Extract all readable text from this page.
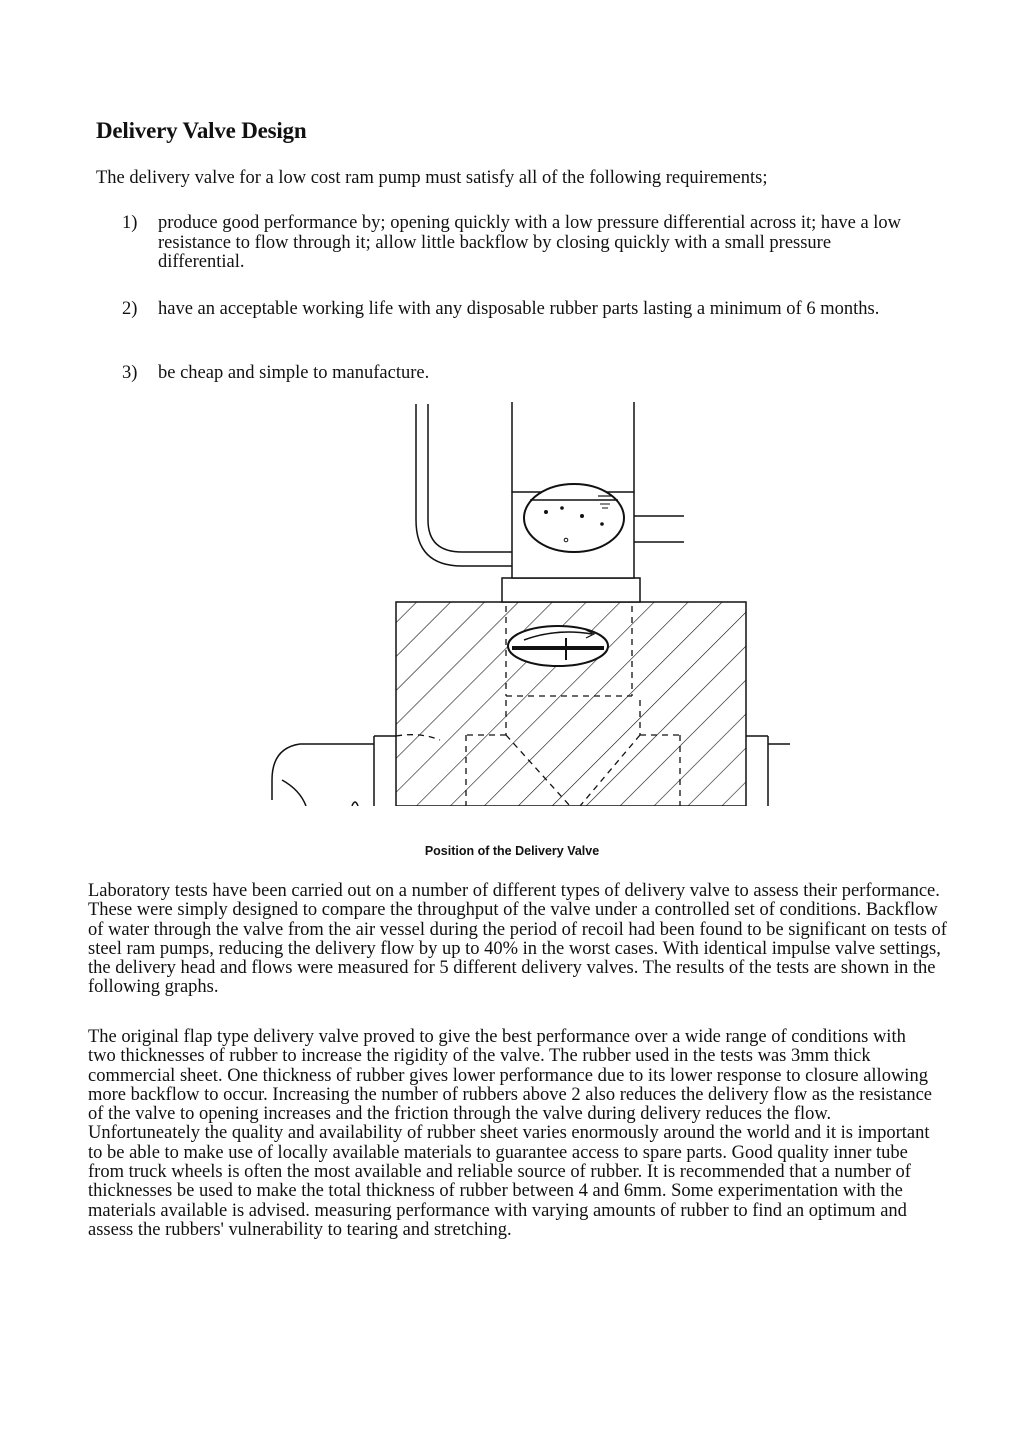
Delivery Valve Design

The delivery valve for a low cost ram pump must satisfy all of the following requirements;

1)	produce good performance by; opening quickly with a low pressure differential across it; have a low resistance to flow through it; allow little backflow by closing quickly with a small pressure differential.
2)	have an acceptable working life with any disposable rubber parts lasting a minimum of 6 months.
3)	be cheap and simple to manufacture.

Position of the Delivery Valve

Laboratory tests have been carried out on a number of different types of delivery valve to assess their performance. These were simply designed to compare the throughput of the valve under a controlled set of conditions. Backflow of water through the valve from the air vessel during the period of recoil had been found to be significant on tests of steel ram pumps, reducing the delivery flow by up to 40% in the worst cases. With identical impulse valve settings, the delivery head and flows were measured for 5 different delivery valves. The results of the tests are shown in the following graphs.

The original flap type delivery valve proved to give the best performance over a wide range of conditions with two thicknesses of rubber to increase the rigidity of the valve. The rubber used in the tests was 3mm thick commercial sheet. One thickness of rubber gives lower performance due to its lower response to closure allowing more backflow to occur. Increasing the number of rubbers above 2 also reduces the delivery flow as the resistance of the valve to opening increases and the friction through the valve during delivery reduces the flow. Unfortuneately the quality and availability of rubber sheet varies enormously around the world and it is important to be able to make use of locally available materials to guarantee access to spare parts. Good quality inner tube from truck wheels is often the most available and reliable source of rubber. It is recommended that a number of thicknesses be used to make the total thickness of rubber between 4 and 6mm. Some experimentation with the materials available is advised. measuring performance with varying amounts of rubber to find an optimum and assess the rubbers' vulnerability to tearing and stretching.
